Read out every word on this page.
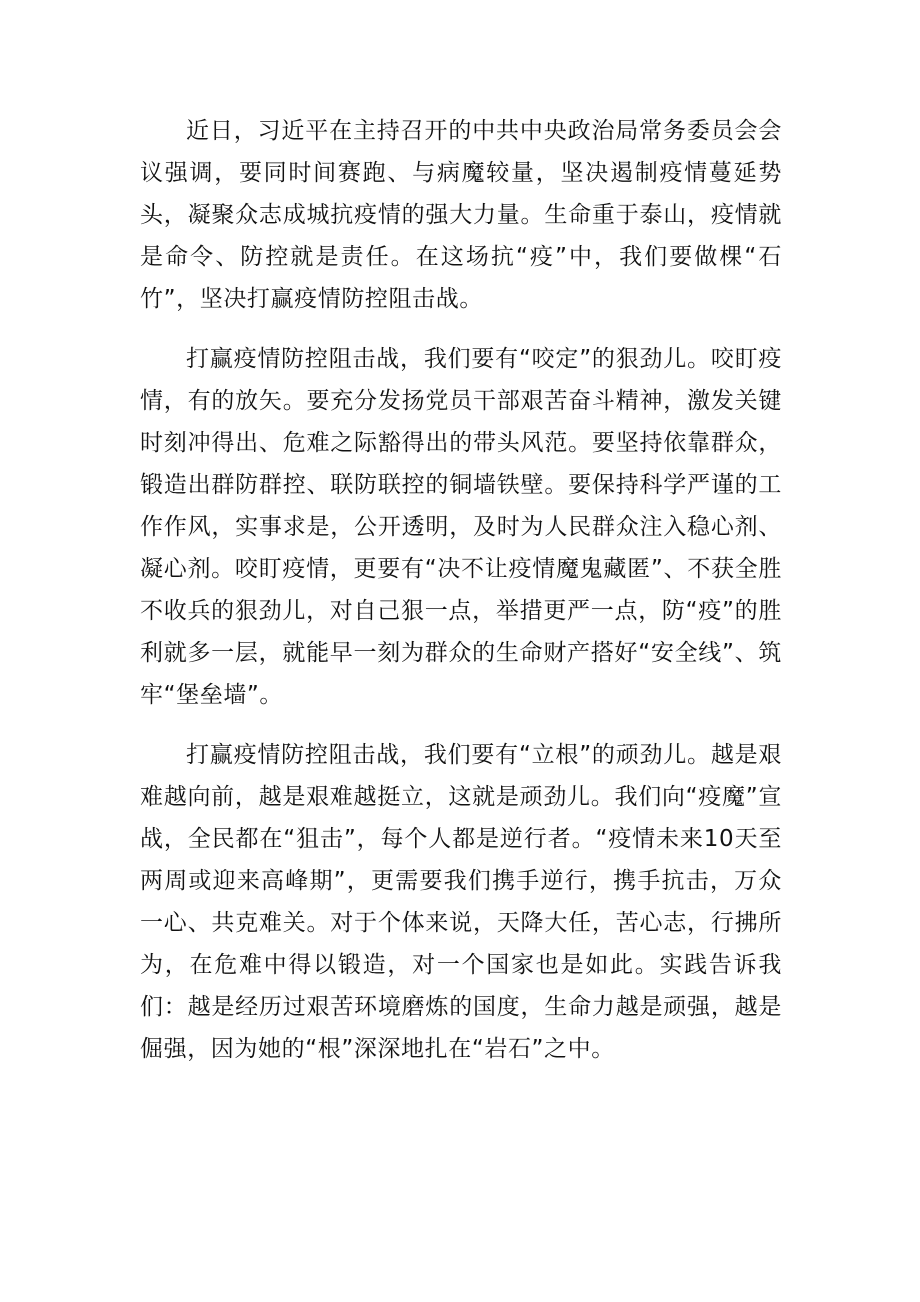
近日，习近平在主持召开的中共中央政治局常务委员会会议强调，要同时间赛跑、与病魔较量，坚决遏制疫情蔓延势头，凝聚众志成城抗疫情的强大力量。生命重于泰山，疫情就是命令、防控就是责任。在这场抗“疫”中，我们要做棵“石竹”，坚决打赢疫情防控阻击战。

打赢疫情防控阻击战，我们要有“咬定”的狠劲儿。咬盯疫情，有的放矢。要充分发扬党员干部艰苦奋斗精神，激发关键时刻冲得出、危难之际豁得出的带头风范。要坚持依靠群众，锻造出群防群控、联防联控的铜墙铁壁。要保持科学严谨的工作作风，实事求是，公开透明，及时为人民群众注入稳心剂、凝心剂。咬盯疫情，更要有“决不让疫情魔鬼藏匿”、不获全胜不收兵的狠劲儿，对自己狠一点，举措更严一点，防“疫”的胜利就多一层，就能早一刻为群众的生命财产搭好“安全线”、筑牢“堡垒墙”。

打赢疫情防控阻击战，我们要有“立根”的顽劲儿。越是艰难越向前，越是艰难越挺立，这就是顽劲儿。我们向“疫魔”宣战，全民都在“狙击”，每个人都是逆行者。“疫情未来10天至两周或迎来高峰期”，更需要我们携手逆行，携手抗击，万众一心、共克难关。对于个体来说，天降大任，苦心志，行拂所为，在危难中得以锻造，对一个国家也是如此。实践告诉我们：越是经历过艰苦环境磨炼的国度，生命力越是顽强，越是倔强，因为她的“根”深深地扎在“岩石”之中。
